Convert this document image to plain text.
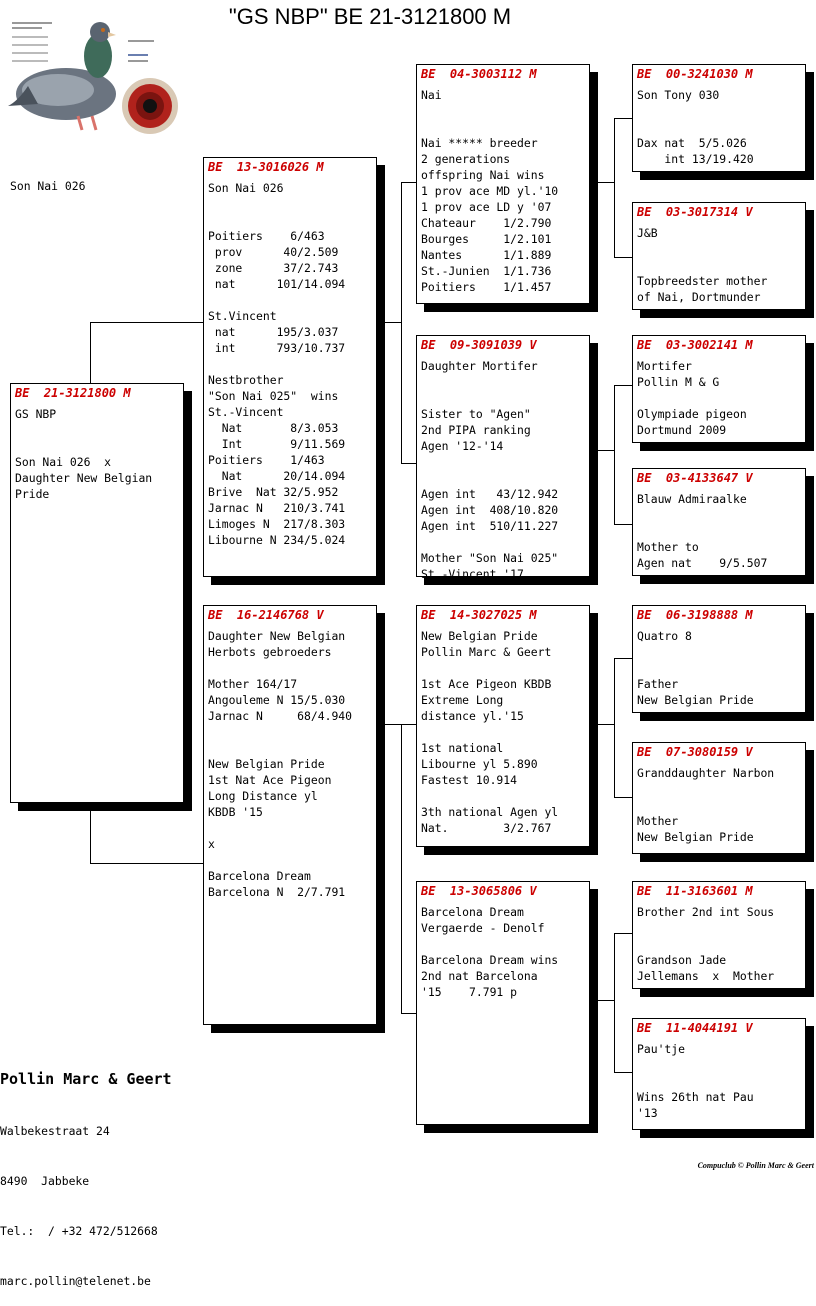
"GS NBP" BE 21-3121800 M
Son Nai 026
BE  21-3121800 M
GS NBP
Son Nai 026  x
Daughter New Belgian
Pride
BE  13-3016026 M
Son Nai 026
Poitiers    6/463
prov      40/2.509
zone      37/2.743
nat      101/14.094
St.Vincent
nat      195/3.037
int      793/10.737
Nestbrother
"Son Nai 025"  wins
St.-Vincent
Nat       8/3.053
Int       9/11.569
Poitiers    1/463
Nat      20/14.094
Brive  Nat 32/5.952
Jarnac N   210/3.741
Limoges N  217/8.303
Libourne N 234/5.024
BE  16-2146768 V
Daughter New Belgian
Herbots gebroeders
Mother 164/17
Angouleme N 15/5.030
Jarnac N     68/4.940
New Belgian Pride
1st Nat Ace Pigeon
Long Distance yl
KBDB '15
x
Barcelona Dream
Barcelona N  2/7.791
BE  04-3003112 M
Nai
Nai ***** breeder
2 generations
offspring Nai wins
1 prov ace MD yl.'10
1 prov ace LD y '07
Chateaur    1/2.790
Bourges     1/2.101
Nantes      1/1.889
St.-Junien  1/1.736
Poitiers    1/1.457
BE  09-3091039 V
Daughter Mortifer
Sister to "Agen"
2nd PIPA ranking
Agen '12-'14
Agen int   43/12.942
Agen int  408/10.820
Agen int  510/11.227
Mother "Son Nai 025"
St.-Vincent '17
BE  14-3027025 M
New Belgian Pride
Pollin Marc & Geert
1st Ace Pigeon KBDB
Extreme Long
distance yl.'15
1st national
Libourne yl 5.890
Fastest 10.914
3th national Agen yl
Nat.        3/2.767
BE  13-3065806 V
Barcelona Dream
Vergaerde - Denolf
Barcelona Dream wins
2nd nat Barcelona
'15    7.791 p
BE  00-3241030 M
Son Tony 030
Dax nat  5/5.026
int 13/19.420
BE  03-3017314 V
J&B
Topbreedster mother
of Nai, Dortmunder
BE  03-3002141 M
Mortifer
Pollin M & G
Olympiade pigeon
Dortmund 2009
BE  03-4133647 V
Blauw Admiraalke
Mother to
Agen nat    9/5.507
BE  06-3198888 M
Quatro 8
Father
New Belgian Pride
BE  07-3080159 V
Granddaughter Narbon
Mother
New Belgian Pride
BE  11-3163601 M
Brother 2nd int Sous
Grandson Jade
Jellemans  x  Mother
BE  11-4044191 V
Pau'tje
Wins 26th nat Pau
'13

Pollin Marc & Geert

Walbekestraat 24

8490  Jabbeke

Tel.:  / +32 472/512668

marc.pollin@telenet.be

Compuclub © Pollin Marc & Geert
